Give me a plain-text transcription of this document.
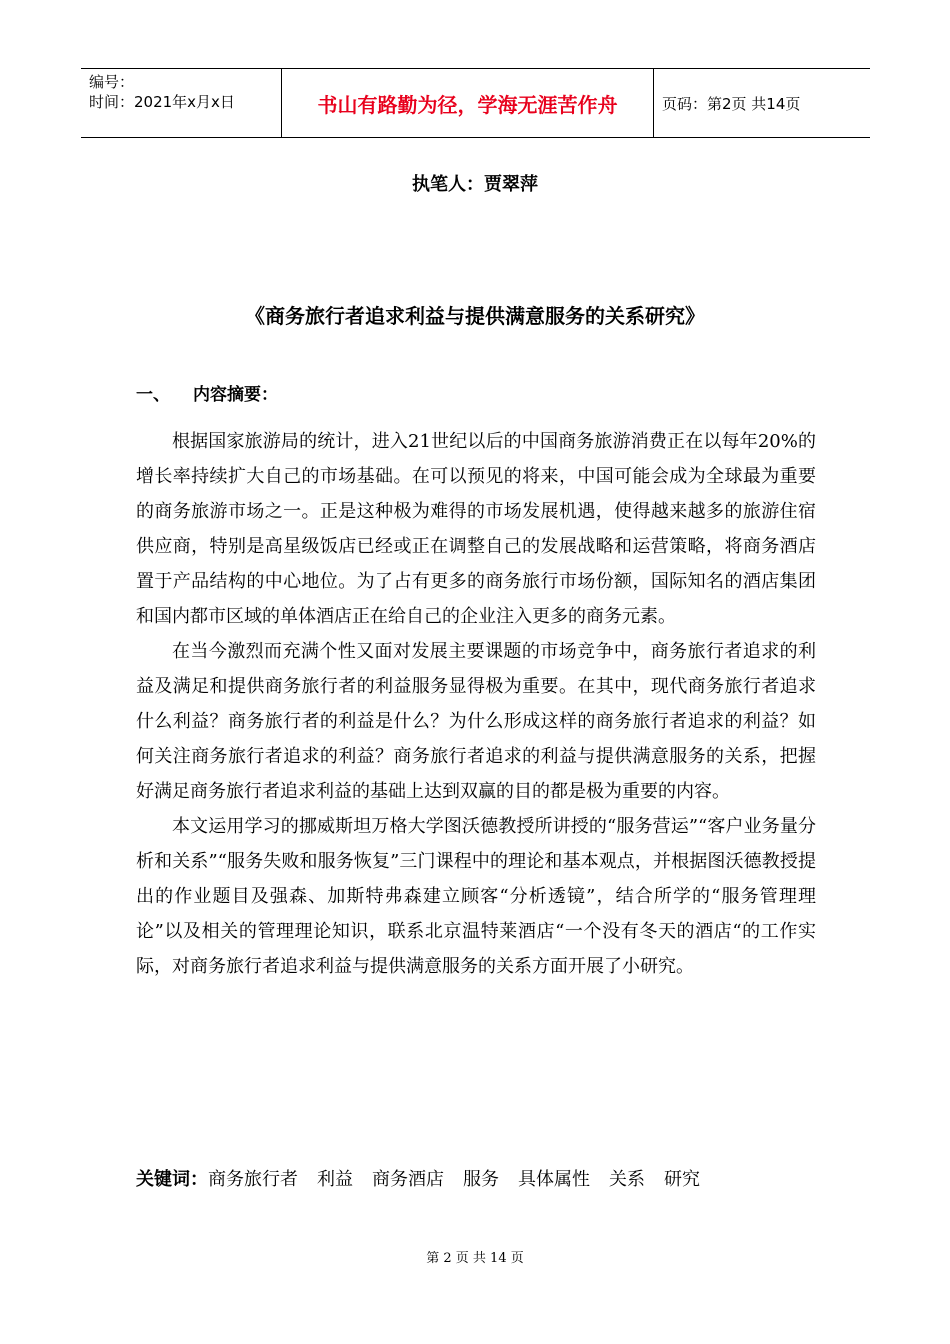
编号：
时间：2021年x月x日	书山有路勤为径，学海无涯苦作舟	页码：第2页 共14页
执笔人：贾翠萍
《商务旅行者追求利益与提供满意服务的关系研究》
一、 内容摘要：

根据国家旅游局的统计，进入21世纪以后的中国商务旅游消费正在以每年20%的增长率持续扩大自己的市场基础。在可以预见的将来，中国可能会成为全球最为重要的商务旅游市场之一。正是这种极为难得的市场发展机遇，使得越来越多的旅游住宿供应商，特别是高星级饭店已经或正在调整自己的发展战略和运营策略，将商务酒店置于产品结构的中心地位。为了占有更多的商务旅行市场份额，国际知名的酒店集团和国内都市区域的单体酒店正在给自己的企业注入更多的商务元素。

在当今激烈而充满个性又面对发展主要课题的市场竞争中，商务旅行者追求的利益及满足和提供商务旅行者的利益服务显得极为重要。在其中，现代商务旅行者追求什么利益？商务旅行者的利益是什么？为什么形成这样的商务旅行者追求的利益？如何关注商务旅行者追求的利益？商务旅行者追求的利益与提供满意服务的关系，把握好满足商务旅行者追求利益的基础上达到双赢的目的都是极为重要的内容。

本文运用学习的挪威斯坦万格大学图沃德教授所讲授的“服务营运”“客户业务量分析和关系”“服务失败和服务恢复”三门课程中的理论和基本观点，并根据图沃德教授提出的作业题目及强森、加斯特弗森建立顾客“分析透镜”，结合所学的“服务管理理论”以及相关的管理理论知识，联系北京温特莱酒店“一个没有冬天的酒店“的工作实际，对商务旅行者追求利益与提供满意服务的关系方面开展了小研究。

关键词：商务旅行者 利益 商务酒店 服务 具体属性 关系 研究
第 2 页 共 14 页
